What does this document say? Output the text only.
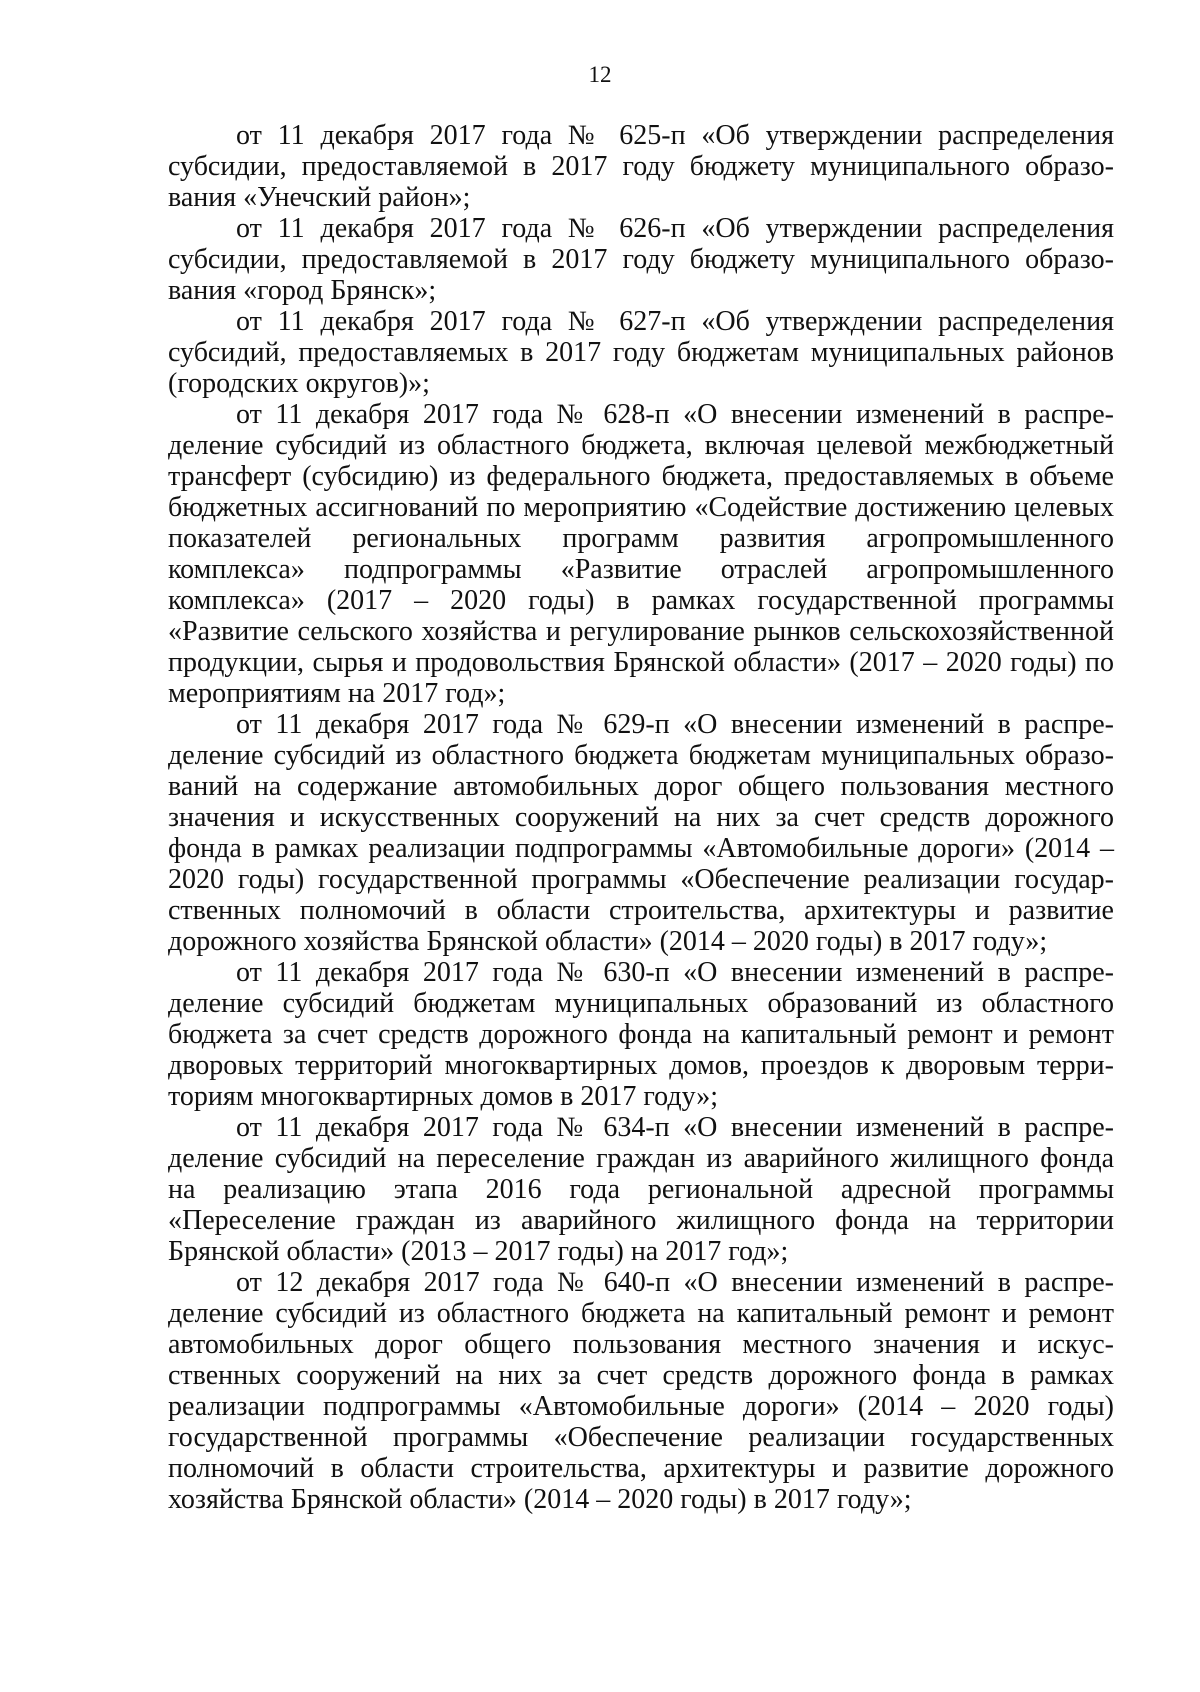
12

от 11 декабря 2017 года № 625-п «Об утверждении распределения субсидии, предоставляемой в 2017 году бюджету муниципального образования «Унечский район»;

от 11 декабря 2017 года № 626-п «Об утверждении распределения субсидии, предоставляемой в 2017 году бюджету муниципального образования «город Брянск»;

от 11 декабря 2017 года № 627-п «Об утверждении распределения субсидий, предоставляемых в 2017 году бюджетам муниципальных районов (городских округов)»;

от 11 декабря 2017 года № 628-п «О внесении изменений в распределение субсидий из областного бюджета, включая целевой межбюджетный трансферт (субсидию) из федерального бюджета, предоставляемых в объеме бюджетных ассигнований по мероприятию «Содействие достижению целевых показателей региональных программ развития агропромышленного комплекса» подпрограммы «Развитие отраслей агропромышленного комплекса» (2017 – 2020 годы) в рамках государственной программы «Развитие сельского хозяйства и регулирование рынков сельскохозяйственной продукции, сырья и продовольствия Брянской области» (2017 – 2020 годы) по мероприятиям на 2017 год»;

от 11 декабря 2017 года № 629-п «О внесении изменений в распределение субсидий из областного бюджета бюджетам муниципальных образований на содержание автомобильных дорог общего пользования местного значения и искусственных сооружений на них за счет средств дорожного фонда в рамках реализации подпрограммы «Автомобильные дороги» (2014 – 2020 годы) государственной программы «Обеспечение реализации государственных полномочий в области строительства, архитектуры и развитие дорожного хозяйства Брянской области» (2014 – 2020 годы) в 2017 году»;

от 11 декабря 2017 года № 630-п «О внесении изменений в распределение субсидий бюджетам муниципальных образований из областного бюджета за счет средств дорожного фонда на капитальный ремонт и ремонт дворовых территорий многоквартирных домов, проездов к дворовым территориям многоквартирных домов в 2017 году»;

от 11 декабря 2017 года № 634-п «О внесении изменений в распределение субсидий на переселение граждан из аварийного жилищного фонда на реализацию этапа 2016 года региональной адресной программы «Переселение граждан из аварийного жилищного фонда на территории Брянской области» (2013 – 2017 годы) на 2017 год»;

от 12 декабря 2017 года № 640-п «О внесении изменений в распределение субсидий из областного бюджета на капитальный ремонт и ремонт автомобильных дорог общего пользования местного значения и искусственных сооружений на них за счет средств дорожного фонда в рамках реализации подпрограммы «Автомобильные дороги» (2014 – 2020 годы) государственной программы «Обеспечение реализации государственных полномочий в области строительства, архитектуры и развитие дорожного хозяйства Брянской области» (2014 – 2020 годы) в 2017 году»;
